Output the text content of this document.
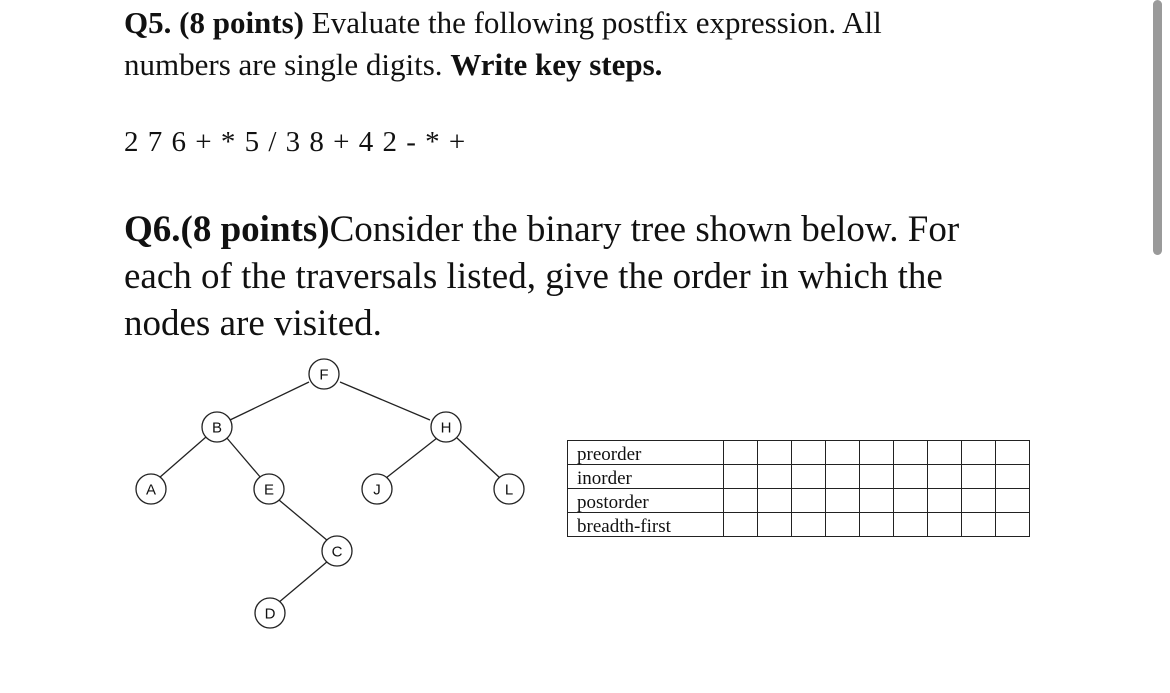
Q5. (8 points) Evaluate the following postfix expression. All
numbers are single digits. Write key steps.
2 7 6 + * 5 / 3 8 + 4 2 - * +
Q6.(8 points)Consider the binary tree shown below. For each of the traversals listed, give the order in which the nodes are visited.
F
B	H
A	E	J	L
C
D
preorder									
inorder									
postorder									
breadth-first									
